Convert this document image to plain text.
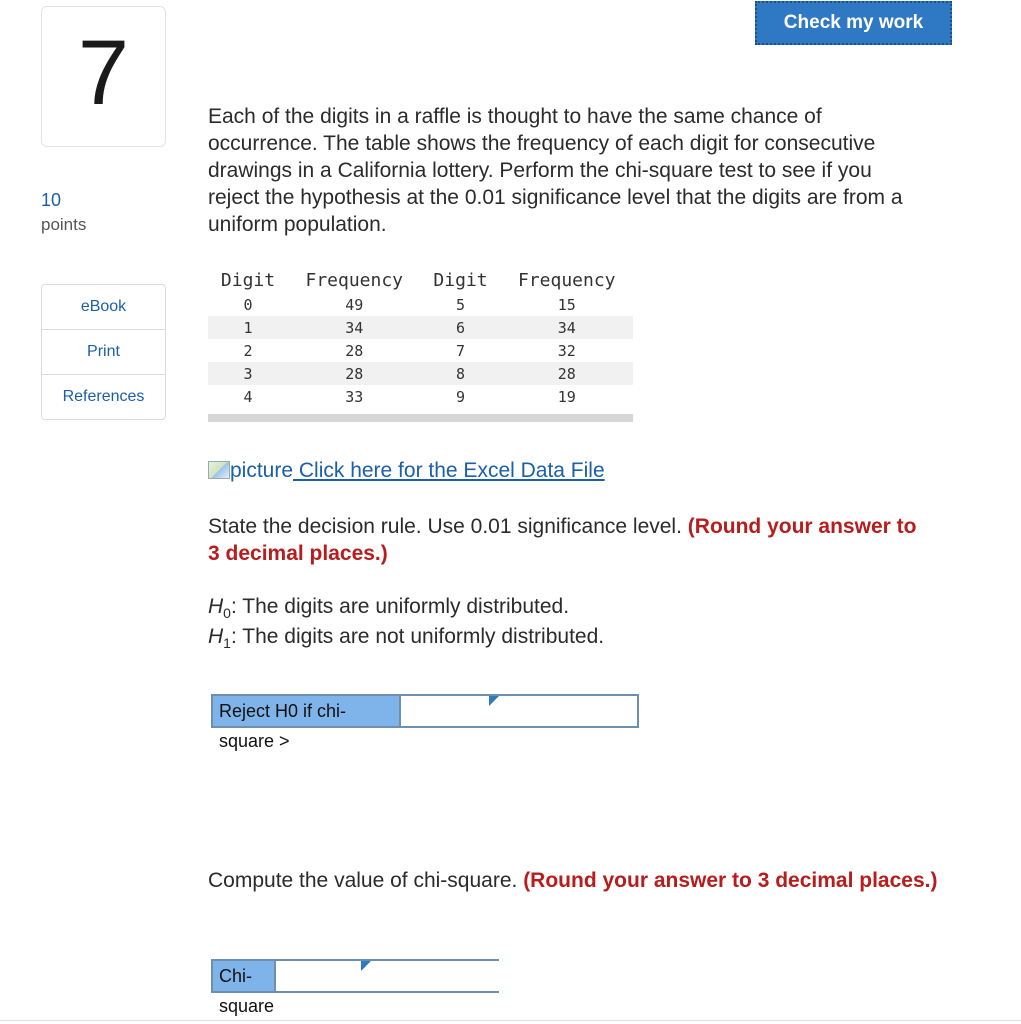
7
10
points
eBook
Print
References
Check my work
Each of the digits in a raffle is thought to have the same chance of occurrence. The table shows the frequency of each digit for consecutive drawings in a California lottery. Perform the chi-square test to see if you reject the hypothesis at the 0.01 significance level that the digits are from a uniform population.
Digit	Frequency	Digit	Frequency
0	49	5	15
1	34	6	34
2	28	7	32
3	28	8	28
4	33	9	19
picture Click here for the Excel Data File
State the decision rule. Use 0.01 significance level. (Round your answer to 3 decimal places.)
$H_0$: The digits are uniformly distributed.
$H_1$: The digits are not uniformly distributed.
Reject H0 if chi-square >
Compute the value of chi-square. (Round your answer to 3 decimal places.)
Chi-square
